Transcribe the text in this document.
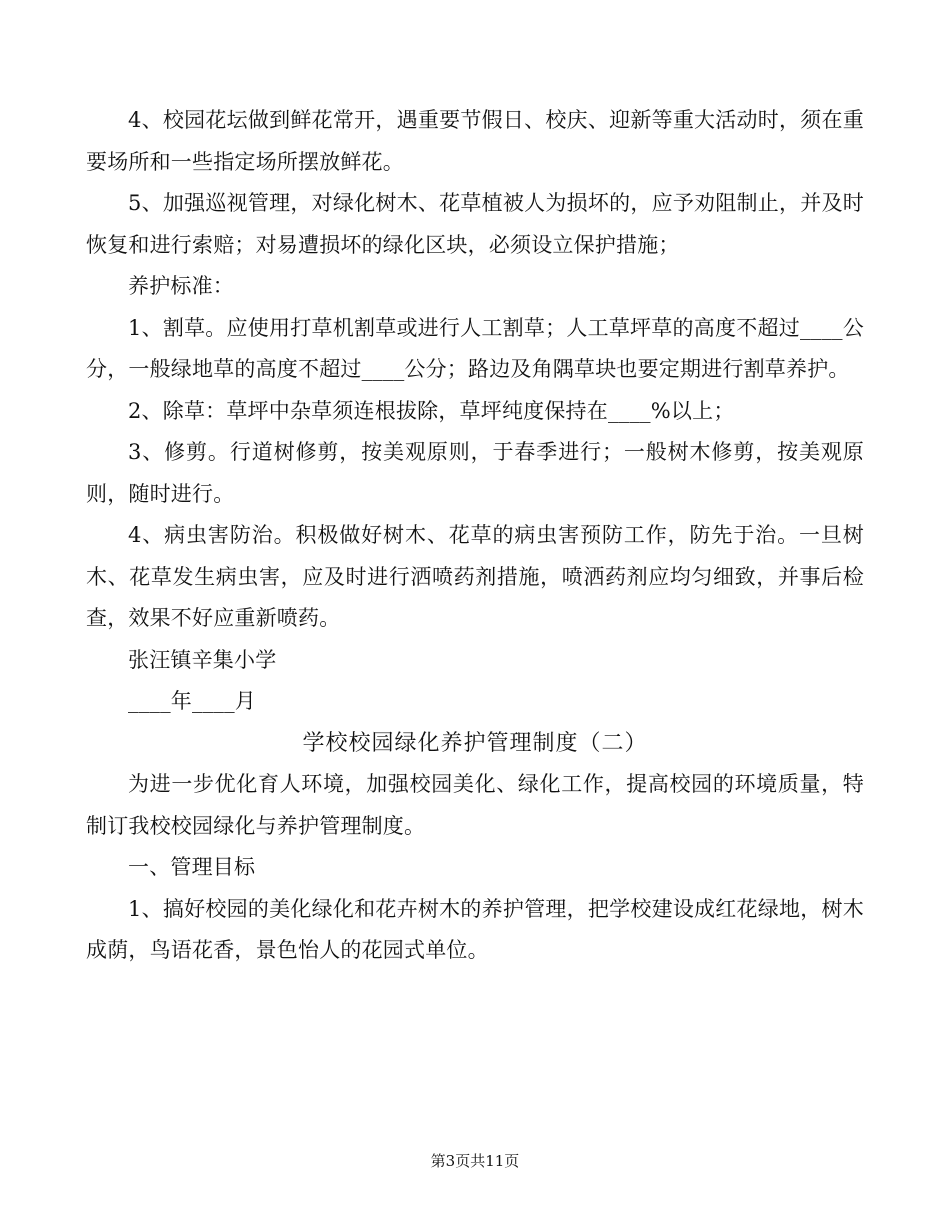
4、校园花坛做到鲜花常开，遇重要节假日、校庆、迎新等重大活动时，须在重要场所和一些指定场所摆放鲜花。

5、加强巡视管理，对绿化树木、花草植被人为损坏的，应予劝阻制止，并及时恢复和进行索赔；对易遭损坏的绿化区块，必须设立保护措施；

养护标准：

1、割草。应使用打草机割草或进行人工割草；人工草坪草的高度不超过____公分，一般绿地草的高度不超过____公分；路边及角隅草块也要定期进行割草养护。

2、除草：草坪中杂草须连根拔除，草坪纯度保持在____%以上；

3、修剪。行道树修剪，按美观原则，于春季进行；一般树木修剪，按美观原则，随时进行。

4、病虫害防治。积极做好树木、花草的病虫害预防工作，防先于治。一旦树木、花草发生病虫害，应及时进行洒喷药剂措施，喷洒药剂应均匀细致，并事后检查，效果不好应重新喷药。

张汪镇辛集小学

____年____月

学校校园绿化养护管理制度（二）

为进一步优化育人环境，加强校园美化、绿化工作，提高校园的环境质量，特制订我校校园绿化与养护管理制度。

一、管理目标

1、搞好校园的美化绿化和花卉树木的养护管理，把学校建设成红花绿地，树木成荫，鸟语花香，景色怡人的花园式单位。

第3页共11页
